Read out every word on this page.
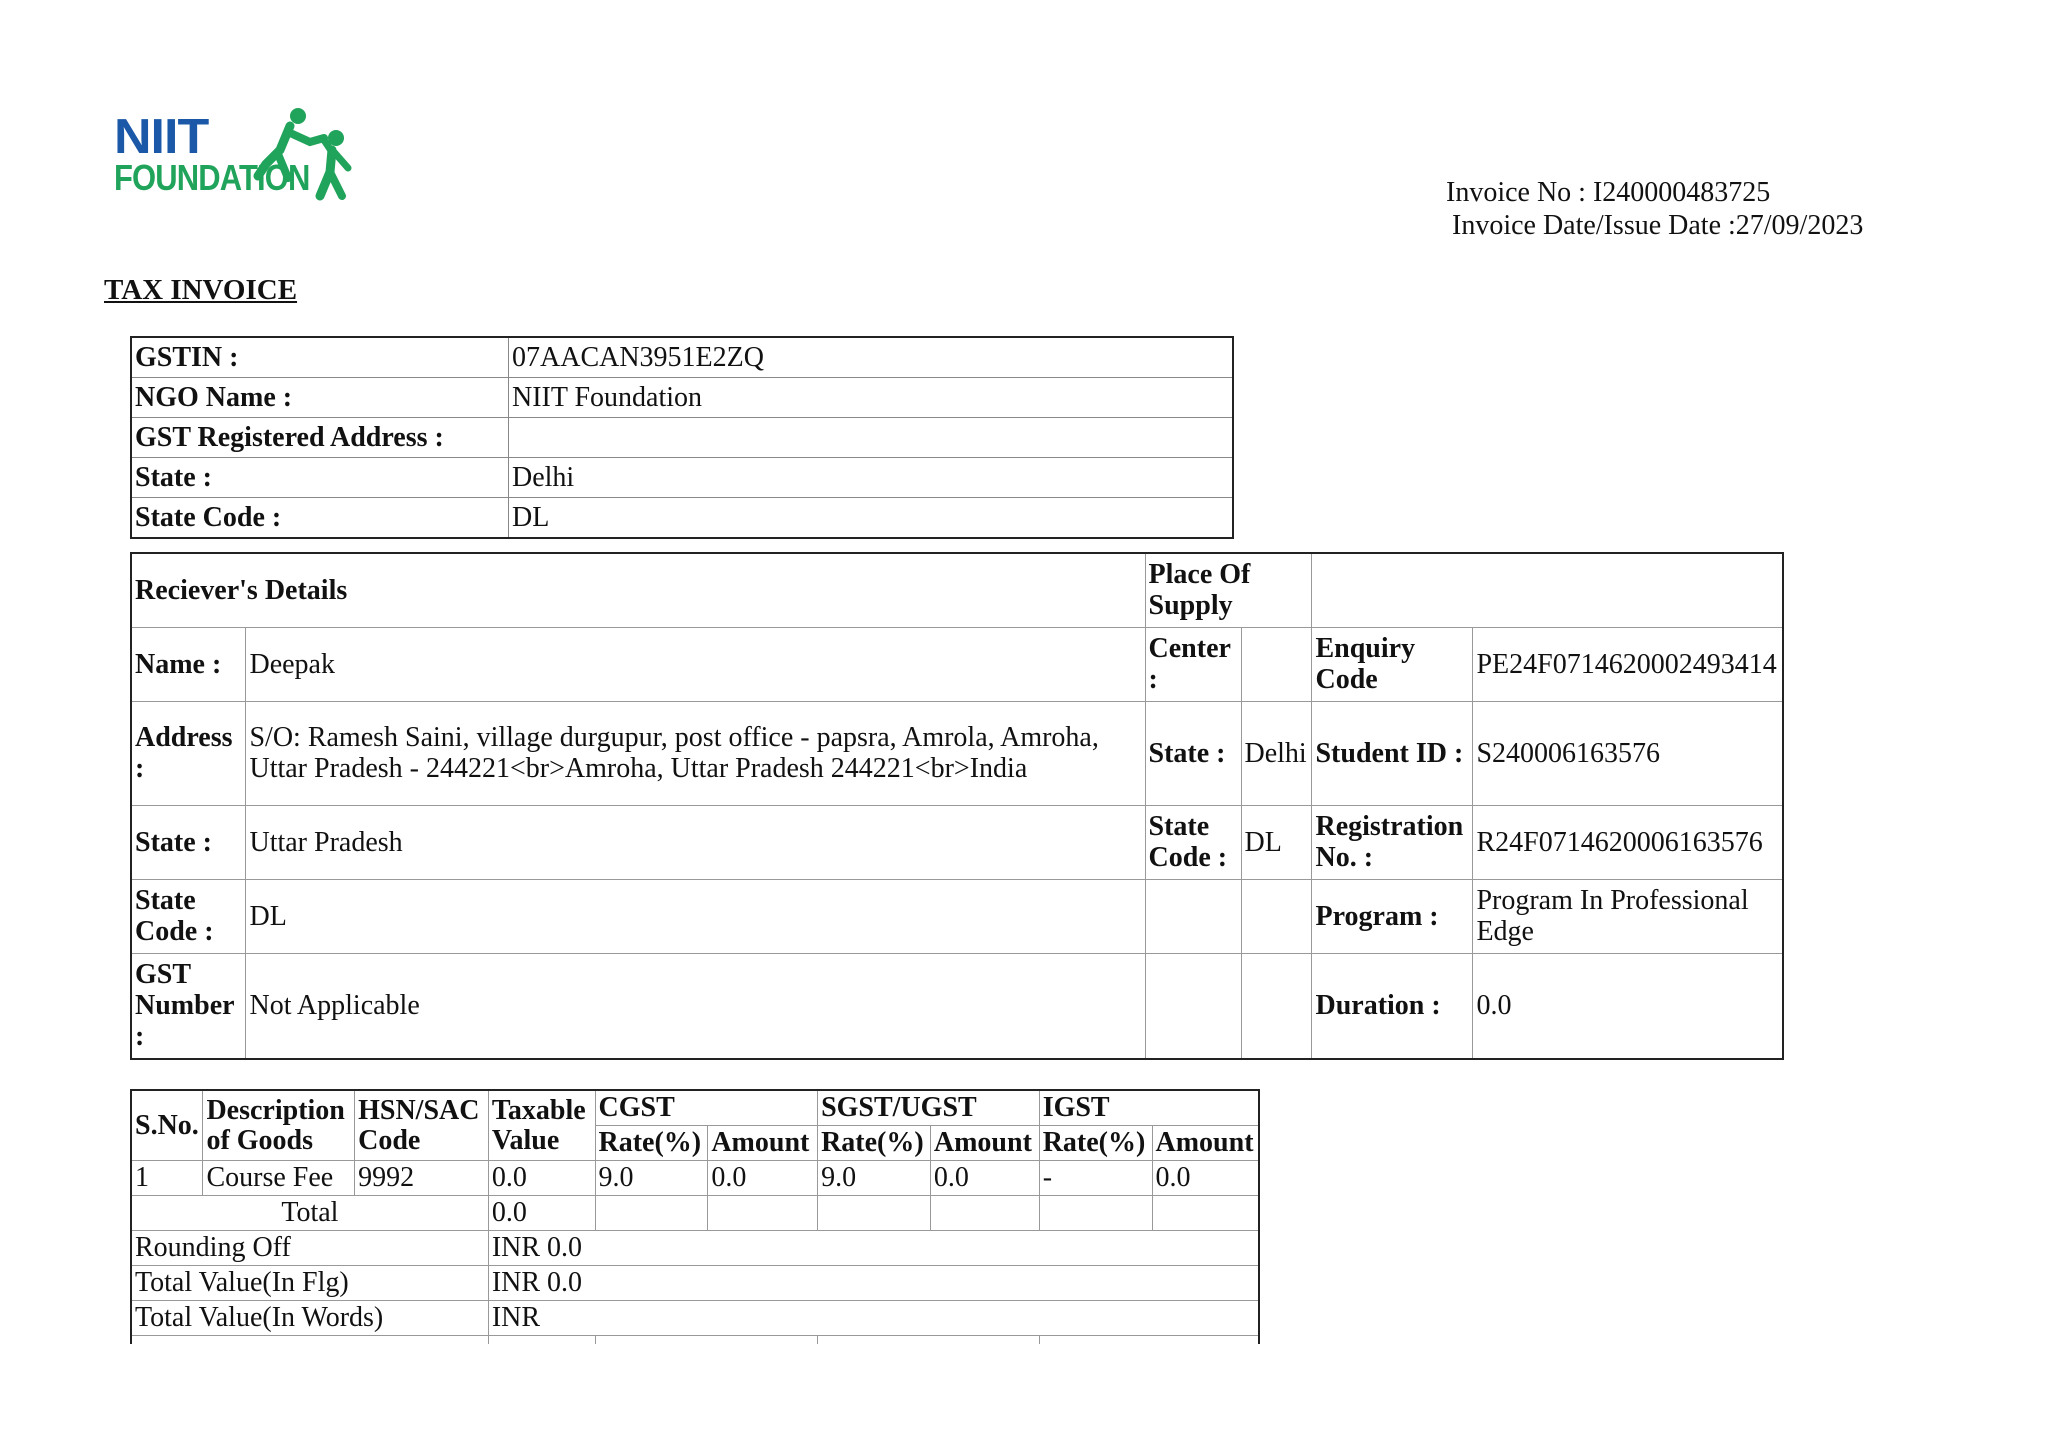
NIIT
FOUNDATION	Invoice No : I240000483725
Invoice Date/Issue Date :27/09/2023
TAX INVOICE
GSTIN :	07AACAN3951E2ZQ
NGO Name :	NIIT Foundation
GST Registered Address :	
State :	Delhi
State Code :	DL
Reciever's Details		Place Of Supply			
Name :	Deepak	Center :		Enquiry Code	PE24F0714620002493414
Address :	S/O: Ramesh Saini, village durgupur, post office - papsra, Amrola, Amroha, Uttar Pradesh - 244221<br>Amroha, Uttar Pradesh 244221<br>India	State :	Delhi	Student ID :	S240006163576
State :	Uttar Pradesh	State Code :	DL	Registration No. :	R24F0714620006163576
State Code :	DL			Program :	Program In Professional Edge
GST Number :	Not Applicable			Duration :	0.0
S.No.	Description of Goods	HSN/SAC Code	Taxable Value	CGST		SGST/UGST		IGST	
				Rate(%)	Amount	Rate(%)	Amount	Rate(%)	Amount
1	Course Fee	9992	0.0	9.0	0.0	9.0	0.0	-	0.0
Total			0.0						
Rounding Off			INR 0.0						
Total Value(In Flg)			INR 0.0						
Total Value(In Words)			INR						
